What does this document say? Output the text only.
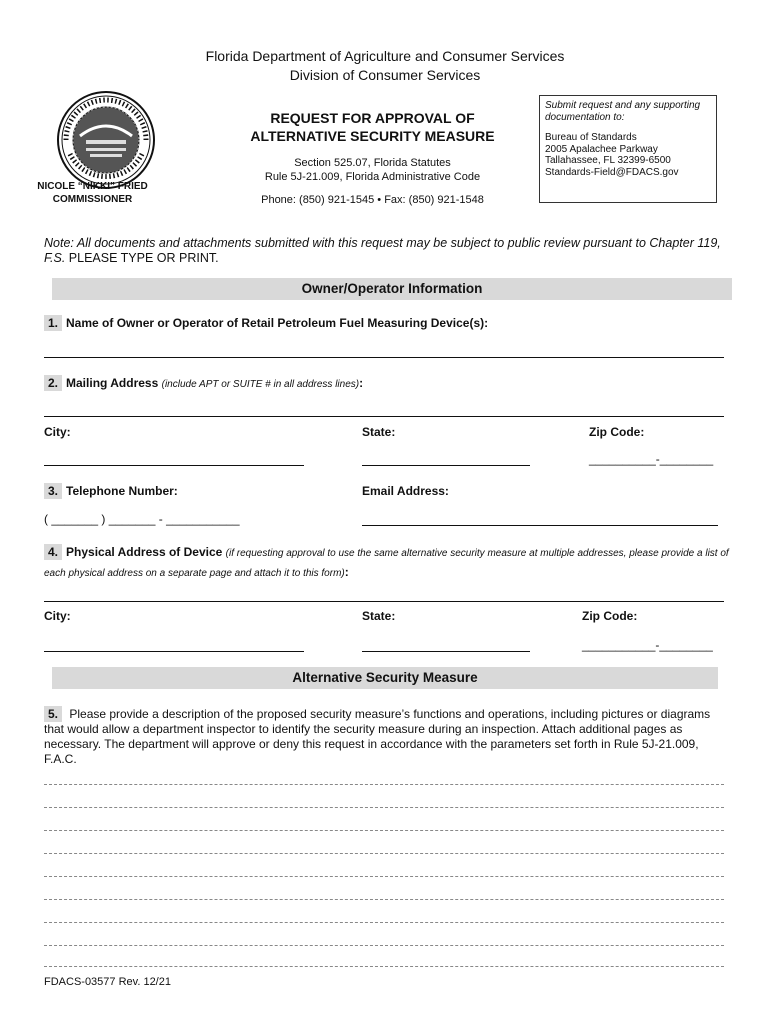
Florida Department of Agriculture and Consumer Services
Division of Consumer Services
NICOLE “NIKKI” FRIED
COMMISSIONER
REQUEST FOR APPROVAL OF
ALTERNATIVE SECURITY MEASURE
Section 525.07, Florida Statutes
Rule 5J-21.009, Florida Administrative Code
Phone: (850) 921-1545 • Fax: (850) 921-1548
Submit request and any supporting documentation to:
Bureau of Standards
2005 Apalachee Parkway
Tallahassee, FL 32399-6500
Standards-Field@FDACS.gov
Note: All documents and attachments submitted with this request may be subject to public review pursuant to Chapter 119, F.S. PLEASE TYPE OR PRINT.
Owner/Operator Information
1. Name of Owner or Operator of Retail Petroleum Fuel Measuring Device(s):
2. Mailing Address (include APT or SUITE # in all address lines):
City:	State:	Zip Code:
__________-________
3. Telephone Number:	Email Address:
( _______ ) _______ - ___________
4. Physical Address of Device (if requesting approval to use the same alternative security measure at multiple addresses, please provide a list of each physical address on a separate page and attach it to this form):
City:	State:	Zip Code:
___________-________
Alternative Security Measure
5. Please provide a description of the proposed security measure’s functions and operations, including pictures or diagrams that would allow a department inspector to identify the security measure during an inspection. Attach additional pages as necessary. The department will approve or deny this request in accordance with the parameters set forth in Rule 5J-21.009, F.A.C.
FDACS-03577 Rev. 12/21
